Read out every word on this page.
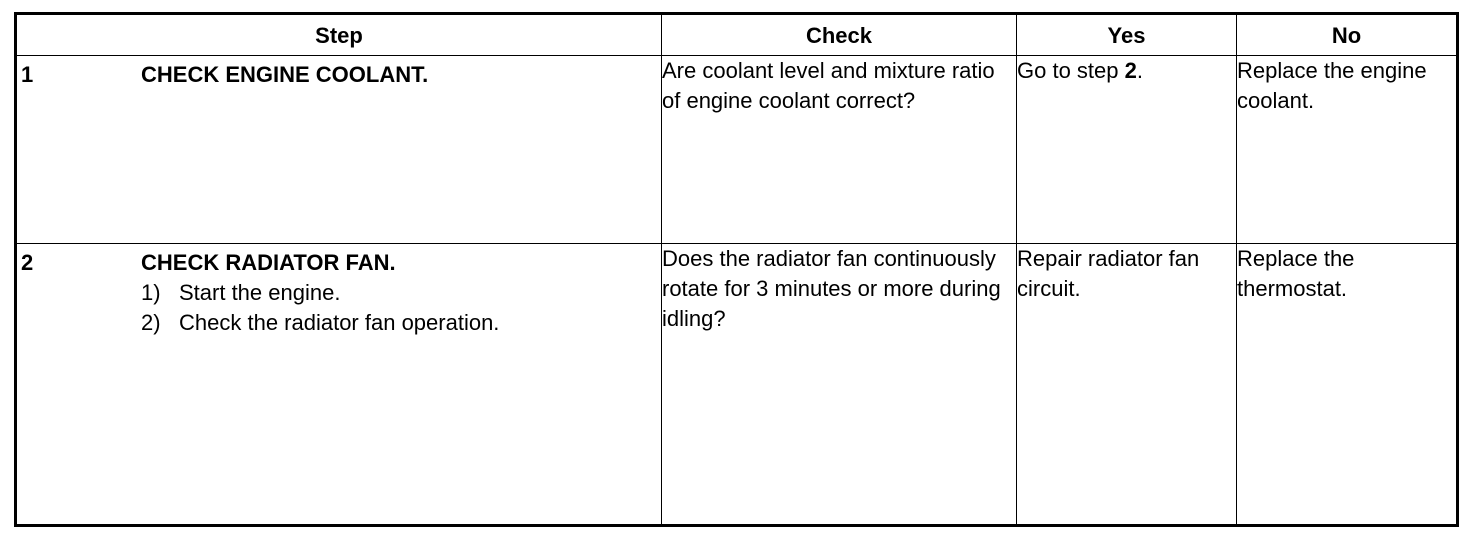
Step	Check	Yes	No

1 CHECK ENGINE COOLANT.	Are coolant level and mixture ratio of engine coolant correct?	Go to step 2.	Replace the engine coolant.

2 CHECK RADIATOR FAN.
1) Start the engine.
2) Check the radiator fan operation.	Does the radiator fan continuously rotate for 3 minutes or more during idling?	Repair radiator fan circuit.	Replace the thermostat.
